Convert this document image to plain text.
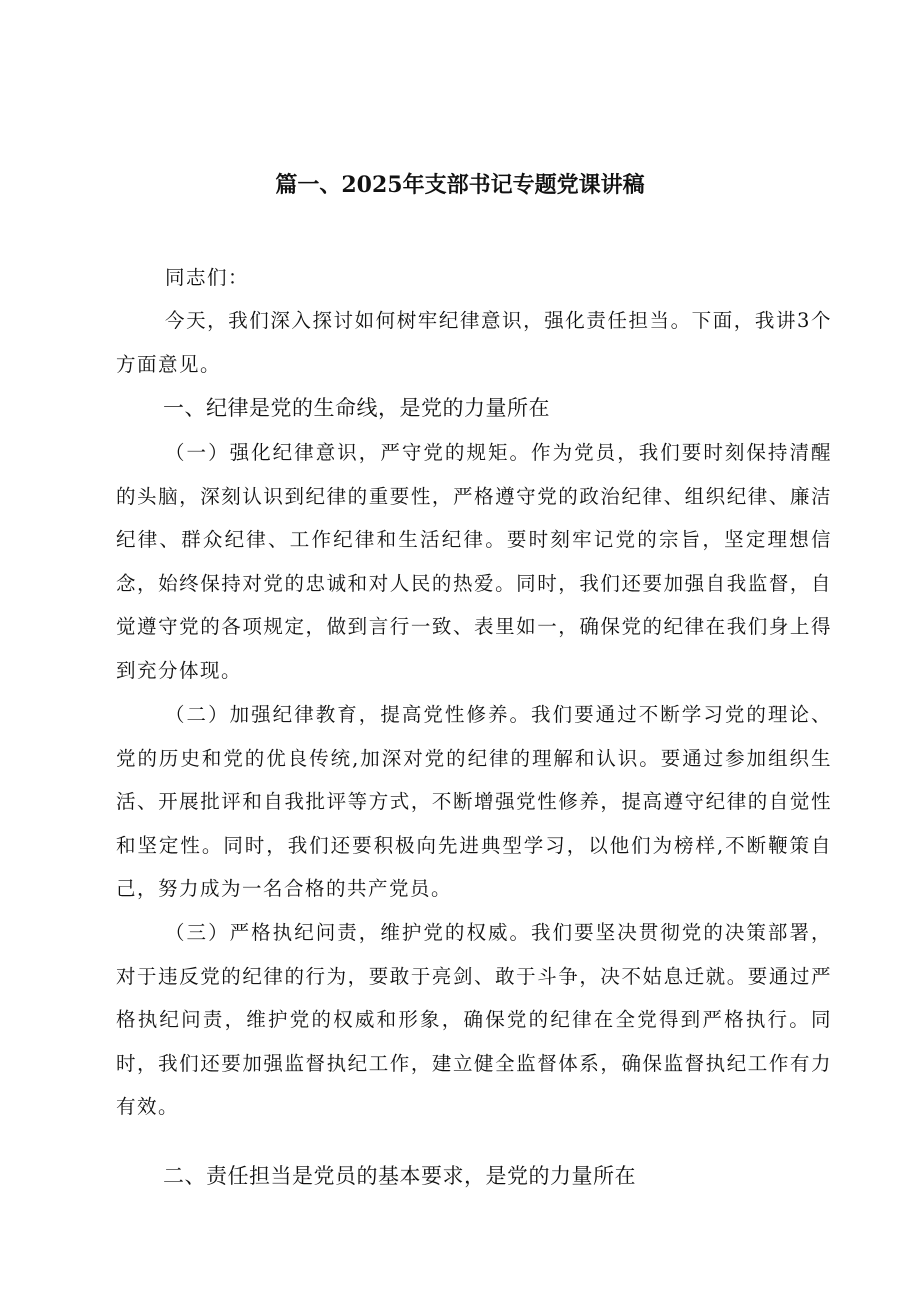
篇一、2025年支部书记专题党课讲稿

同志们：

今天，我们深入探讨如何树牢纪律意识，强化责任担当。下面，我讲3个方面意见。

一、纪律是党的生命线，是党的力量所在

（一）强化纪律意识，严守党的规矩。作为党员，我们要时刻保持清醒的头脑，深刻认识到纪律的重要性，严格遵守党的政治纪律、组织纪律、廉洁纪律、群众纪律、工作纪律和生活纪律。要时刻牢记党的宗旨，坚定理想信念，始终保持对党的忠诚和对人民的热爱。同时，我们还要加强自我监督，自觉遵守党的各项规定，做到言行一致、表里如一，确保党的纪律在我们身上得到充分体现。

（二）加强纪律教育，提高党性修养。我们要通过不断学习党的理论、党的历史和党的优良传统,加深对党的纪律的理解和认识。要通过参加组织生活、开展批评和自我批评等方式，不断增强党性修养，提高遵守纪律的自觉性和坚定性。同时，我们还要积极向先进典型学习，以他们为榜样,不断鞭策自己，努力成为一名合格的共产党员。

（三）严格执纪问责，维护党的权威。我们要坚决贯彻党的决策部署，对于违反党的纪律的行为，要敢于亮剑、敢于斗争，决不姑息迁就。要通过严格执纪问责，维护党的权威和形象，确保党的纪律在全党得到严格执行。同时，我们还要加强监督执纪工作，建立健全监督体系，确保监督执纪工作有力有效。

二、责任担当是党员的基本要求，是党的力量所在
